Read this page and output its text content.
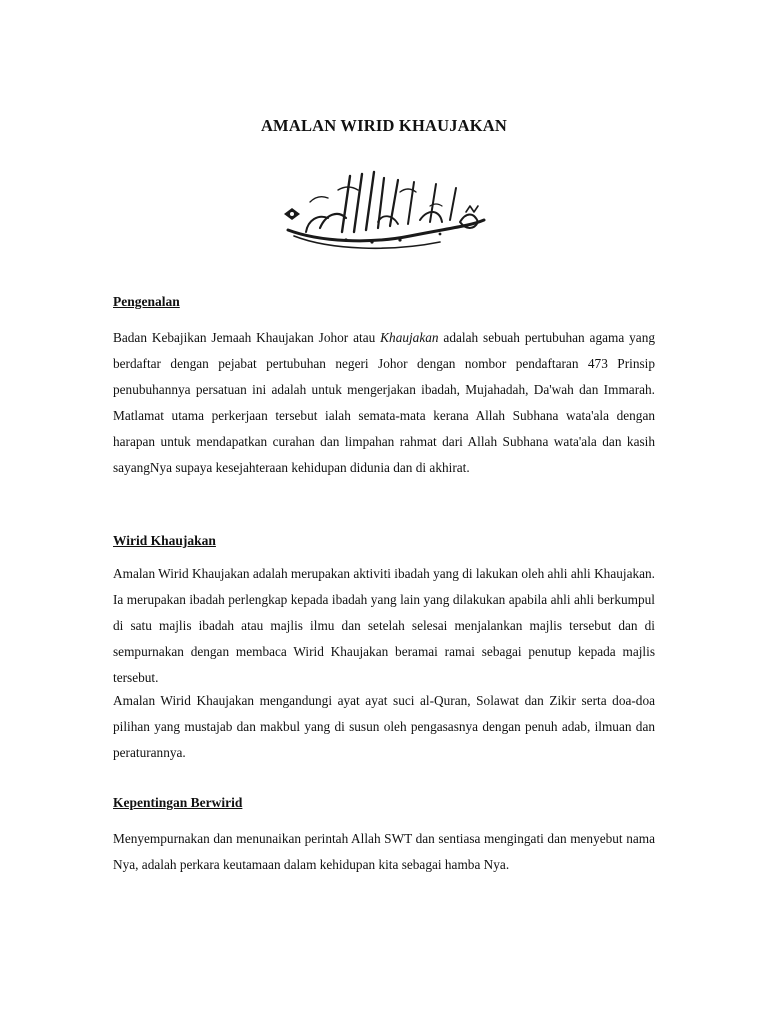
AMALAN WIRID KHAUJAKAN
Pengenalan

Badan Kebajikan Jemaah Khaujakan Johor atau Khaujakan adalah sebuah pertubuhan agama yang berdaftar dengan pejabat pertubuhan negeri Johor dengan nombor pendaftaran 473 Prinsip penubuhannya persatuan ini adalah untuk mengerjakan ibadah, Mujahadah, Da'wah dan Immarah. Matlamat utama perkerjaan tersebut ialah semata-mata kerana Allah Subhana wata'ala dengan harapan untuk mendapatkan curahan dan limpahan rahmat dari Allah Subhana wata'ala dan kasih sayangNya supaya kesejahteraan kehidupan didunia dan di akhirat.

Wirid Khaujakan

Amalan Wirid Khaujakan adalah merupakan aktiviti ibadah yang di lakukan oleh ahli ahli Khaujakan. Ia merupakan ibadah perlengkap kepada ibadah yang lain yang dilakukan apabila ahli ahli berkumpul di satu majlis ibadah atau majlis ilmu dan setelah selesai menjalankan majlis tersebut dan di sempurnakan dengan membaca Wirid Khaujakan beramai ramai sebagai penutup kepada majlis tersebut.

Amalan Wirid Khaujakan mengandungi ayat ayat suci al-Quran, Solawat dan Zikir serta doa-doa pilihan yang mustajab dan makbul yang di susun oleh pengasasnya dengan penuh adab, ilmuan dan peraturannya.

Kepentingan Berwirid

Menyempurnakan dan menunaikan perintah Allah SWT dan sentiasa mengingati dan menyebut nama Nya, adalah perkara keutamaan dalam kehidupan kita sebagai hamba Nya.
